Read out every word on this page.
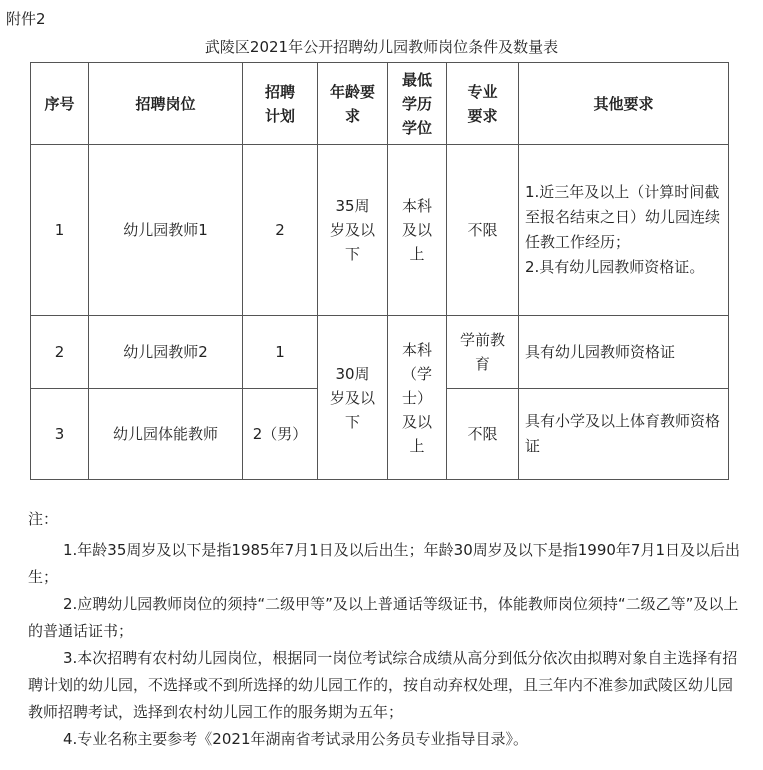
附件2
武陵区2021年公开招聘幼儿园教师岗位条件及数量表
序号	招聘岗位	招聘计划	年龄要求	最低学历学位	专业要求	其他要求
1	幼儿园教师1	2	35周岁及以下	本科及以上	不限	1.近三年及以上（计算时间截至报名结束之日）幼儿园连续任教工作经历；
2.具有幼儿园教师资格证。
2	幼儿园教师2	1	30周岁及以下	本科（学士）及以上	学前教育	具有幼儿园教师资格证
3	幼儿园体能教师	2（男）			不限	具有小学及以上体育教师资格证

注：

1.年龄35周岁及以下是指1985年7月1日及以后出生；年龄30周岁及以下是指1990年7月1日及以后出生；

2.应聘幼儿园教师岗位的须持“二级甲等”及以上普通话等级证书，体能教师岗位须持“二级乙等”及以上的普通话证书；

3.本次招聘有农村幼儿园岗位，根据同一岗位考试综合成绩从高分到低分依次由拟聘对象自主选择有招聘计划的幼儿园，不选择或不到所选择的幼儿园工作的，按自动弃权处理，且三年内不准参加武陵区幼儿园教师招聘考试，选择到农村幼儿园工作的服务期为五年；

4.专业名称主要参考《2021年湖南省考试录用公务员专业指导目录》。
